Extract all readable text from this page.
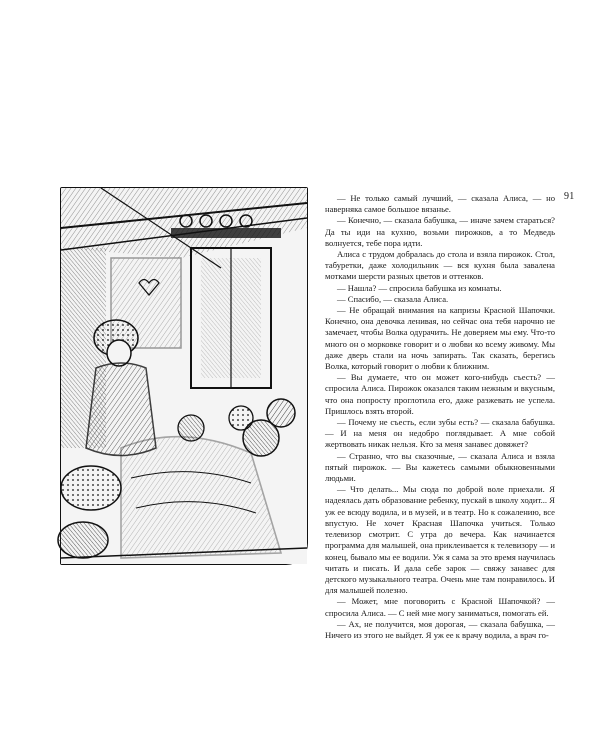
91

— Не только самый лучший, — сказала Алиса, — но наверняка самое большое вязанье.

— Конечно, — сказала бабушка, — иначе зачем стараться? Да ты иди на кухню, возьми пирожков, а то Медведь волнуется, тебе пора идти.

Алиса с трудом добралась до стола и взяла пирожок. Стол, табуретки, даже холодильник — вся кухня была завалена мотками шерсти разных цветов и оттенков.

— Нашла? — спросила бабушка из комнаты.

— Спасибо, — сказала Алиса.

— Не обращай внимания на капризы Красной Шапочки. Конечно, она девочка ленивая, но сейчас она тебя нарочно не замечает, чтобы Волка одурачить. Не доверяем мы ему. Что-то много он о морковке говорит и о любви ко всему живому. Мы даже дверь стали на ночь запирать. Так сказать, берегись Волка, который говорит о любви к ближним.

— Вы думаете, что он может кого-нибудь съесть? — спросила Алиса. Пирожок оказался таким нежным и вкусным, что она попросту проглотила его, даже разжевать не успела. Пришлось взять второй.

— Почему не съесть, если зубы есть? — сказала бабушка. — И на меня он недобро поглядывает. А мне собой жертвовать никак нельзя. Кто за меня занавес довяжет?

— Странно, что вы сказочные, — сказала Алиса и взяла пятый пирожок. — Вы кажетесь самыми обыкновенными людьми.

— Что делать... Мы сюда по доброй воле приехали. Я надеялась дать образование ребенку, пускай в школу ходит... Я уж ее всюду водила, и в музей, и в театр. Но к сожалению, все впустую. Не хочет Красная Шапочка учиться. Только телевизор смотрит. С утра до вечера. Как начинается программа для малышей, она приклеивается к телевизору — и конец, бывало мы ее водили. Уж я сама за это время научилась читать и писать. И дала себе зарок — свяжу занавес для детского музыкального театра. Очень мне там понравилось. И для малышей полезно.

— Может, мне поговорить с Красной Шапочкой? — спросила Алиса. — С ней мне могу заниматься, помогать ей.

— Ах, не получится, моя дорогая, — сказала бабушка, — Ничего из этого не выйдет. Я уж ее к врачу водила, а врач го-
